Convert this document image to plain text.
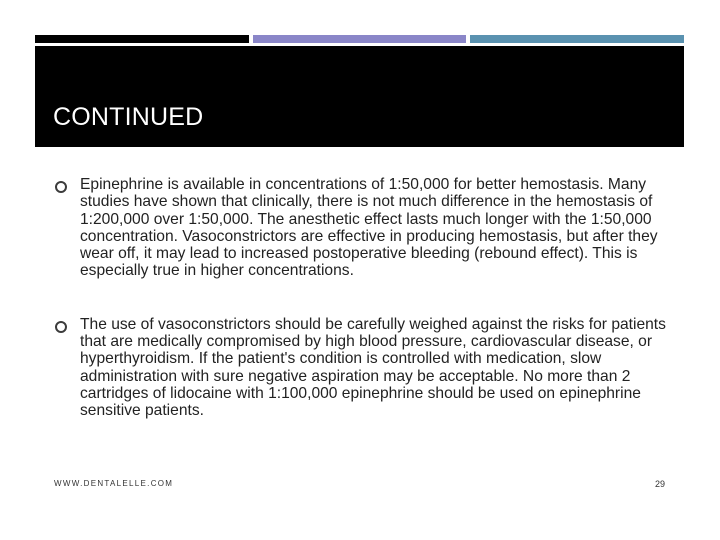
CONTINUED

Epinephrine is available in concentrations of 1:50,000 for better hemostasis. Many studies have shown that clinically, there is not much difference in the hemostasis of 1:200,000 over 1:50,000. The anesthetic effect lasts much longer with the 1:50,000 concentration. Vasoconstrictors are effective in producing hemostasis, but after they wear off, it may lead to increased postoperative bleeding (rebound effect). This is especially true in higher concentrations.

The use of vasoconstrictors should be carefully weighed against the risks for patients that are medically compromised by high blood pressure, cardiovascular disease, or hyperthyroidism. If the patient's condition is controlled with medication, slow administration with sure negative aspiration may be acceptable. No more than 2 cartridges of lidocaine with 1:100,000 epinephrine should be used on epinephrine sensitive patients.

WWW.DENTALELLE.COM	29
